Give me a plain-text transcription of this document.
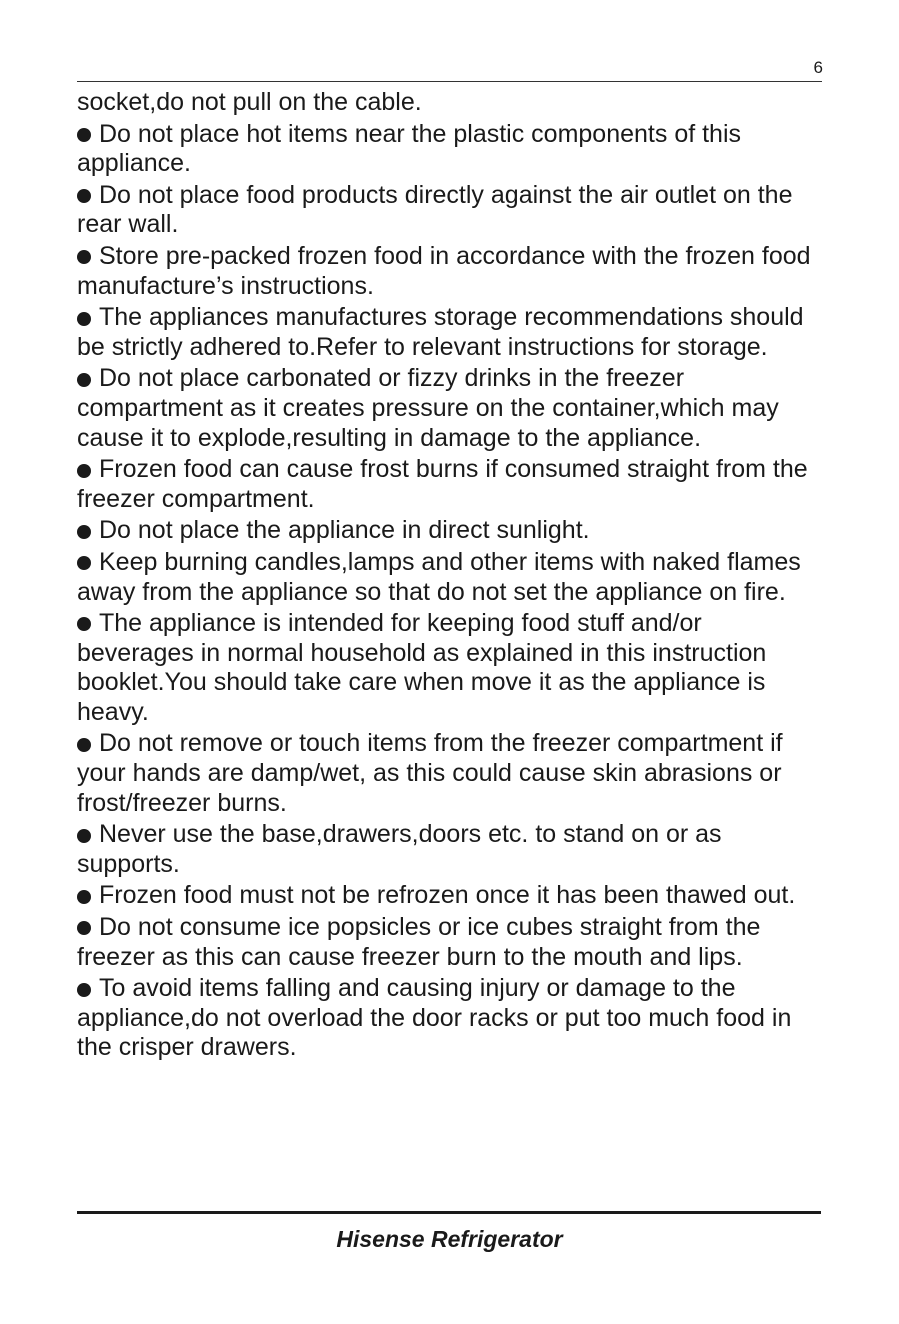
6

socket,do not pull on the cable.

Do not place hot items near the plastic components of this appliance.

Do not place food products directly against the air outlet on the rear wall.

Store pre-packed frozen food in accordance with the frozen food manufacture’s instructions.

The appliances manufactures storage recommendations should be strictly adhered to.Refer to relevant instructions for storage.

Do not place carbonated or fizzy drinks in the freezer compartment as it creates pressure on the container,which may cause it to explode,resulting in damage to the appliance.

Frozen food can cause frost burns if consumed straight from the freezer compartment.

Do not place the appliance in direct sunlight.

Keep burning candles,lamps and other items with naked flames away from the appliance so that do not set the appliance on fire.

The appliance is intended for keeping food stuff and/or beverages in normal household as explained in this instruction booklet.You should take care when move it as the appliance is heavy.

Do not remove or touch items from the freezer compartment if your hands are damp/wet, as this could cause skin abrasions or frost/freezer burns.

Never use the base,drawers,doors etc. to stand on or as supports.

Frozen food must not be refrozen once it has been thawed out.

Do not consume ice popsicles or ice cubes straight from the freezer as this can cause freezer burn to the mouth and lips.

To avoid items falling and causing injury or damage to the appliance,do not overload the door racks or put too much food in the crisper drawers.

Hisense Refrigerator
